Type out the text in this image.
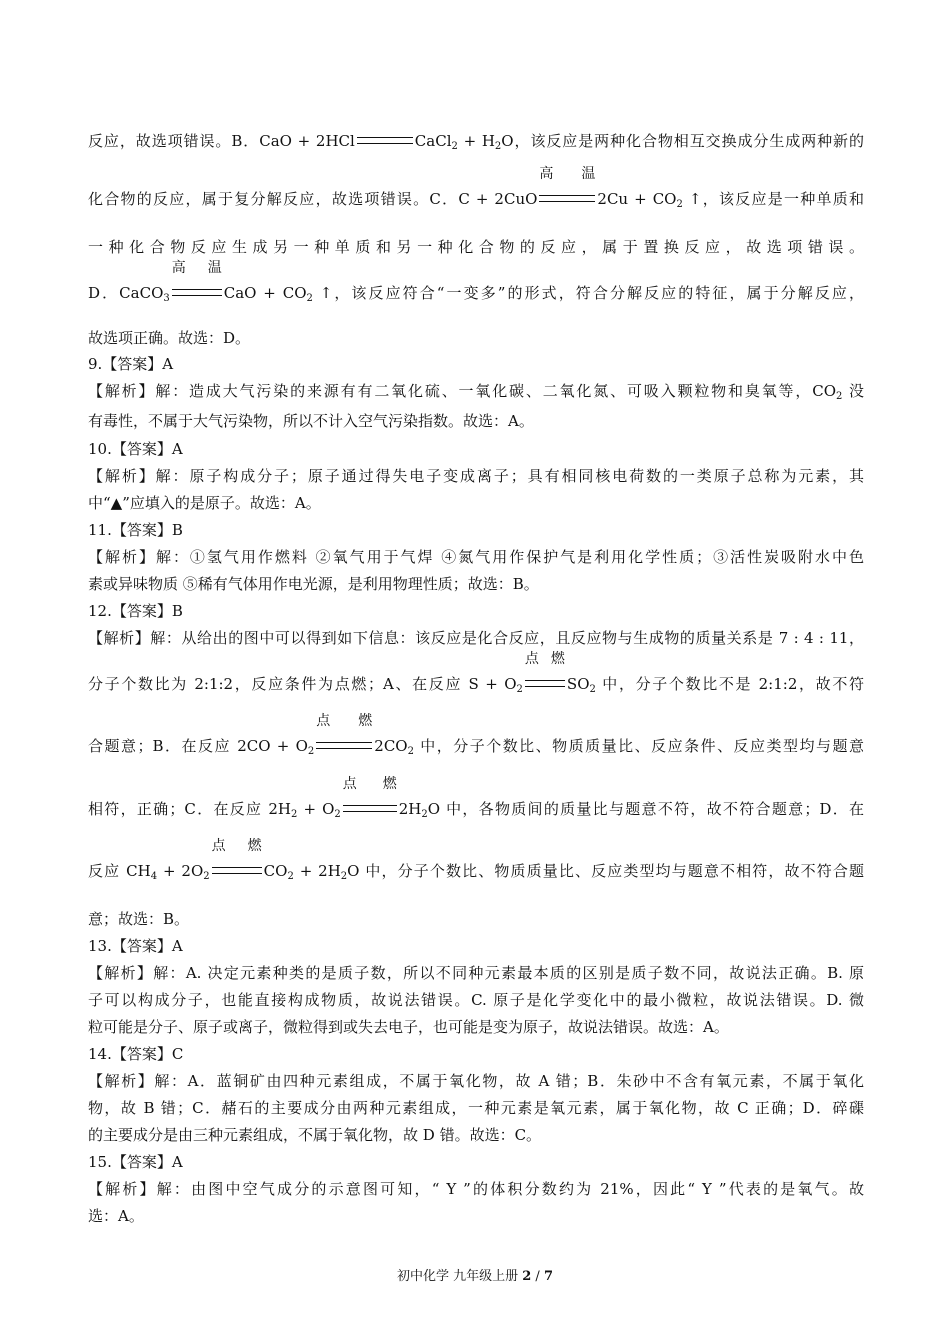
反应，故选项错误。B．CaO + 2HCl	CaCl$_2$ + $H_2O$，该反应是两种化合物相互交换成分生成两种新的
化合物的反应，属于复分解反应，故选项错误。C．C + 2CuO
高温
$2Cu + CO_2$ ↑，该反应是一种单质和
一种化合物反应生成另一种单质和另一种化合物的反应，属于置换反应，故选项错误。
D．CaCO$_3$
高温
CaO + $CO_2$ ↑，该反应符合“一变多”的形式，符合分解反应的特征，属于分解反应，
故选项正确。故选：D。
9.【答案】A
【解析】解：造成大气污染的来源有有二氧化硫、一氧化碳、二氧化氮、可吸入颗粒物和臭氧等，$CO_2$ 没
有毒性，不属于大气污染物，所以不计入空气污染指数。故选：A。
10.【答案】A
【解析】解：原子构成分子；原子通过得失电子变成离子；具有相同核电荷数的一类原子总称为元素，其
中“▲”应填入的是原子。故选：A。
11.【答案】B
【解析】解：①氢气用作燃料 ②氧气用于气焊 ④氮气用作保护气是利用化学性质；③活性炭吸附水中色
素或异味物质 ⑤稀有气体用作电光源，是利用物理性质；故选：B。
12.【答案】B
【解析】解：从给出的图中可以得到如下信息：该反应是化合反应，且反应物与生成物的质量关系是 7 : 4 : 11，
分子个数比为 2:1:2，反应条件为点燃；A、在反应 $S + O_2$
点燃
$SO_2$ 中，分子个数比不是 2:1:2，故不符
合题意；B．在反应 $2CO + O_2$
点燃
$2CO_2$ 中，分子个数比、物质质量比、反应条件、反应类型均与题意
相符，正确；C．在反应 $2H_2 + O_2$
点燃
$2H_2O$ 中，各物质间的质量比与题意不符，故不符合题意；D．在
反应 $CH_4 + 2O_2$
点燃
$CO_2 + 2H_2O$ 中，分子个数比、物质质量比、反应类型均与题意不相符，故不符合题
意；故选：B。
13.【答案】A
【解析】解：A. 决定元素种类的是质子数，所以不同种元素最本质的区别是质子数不同，故说法正确。B. 原
子可以构成分子，也能直接构成物质，故说法错误。C. 原子是化学变化中的最小微粒，故说法错误。D. 微
粒可能是分子、原子或离子，微粒得到或失去电子，也可能是变为原子，故说法错误。故选：A。
14.【答案】C
【解析】解：A．蓝铜矿由四种元素组成，不属于氧化物，故 A 错；B．朱砂中不含有氧元素，不属于氧化
物，故 B 错；C．赭石的主要成分由两种元素组成，一种元素是氧元素，属于氧化物，故 C 正确；D．碎磲
的主要成分是由三种元素组成，不属于氧化物，故 D 错。故选：C。
15.【答案】A
【解析】解：由图中空气成分的示意图可知，“ Y ”的体积分数约为 21%，因此“ Y ”代表的是氧气。故
选：A。
初中化学 九年级上册 2 / 7
